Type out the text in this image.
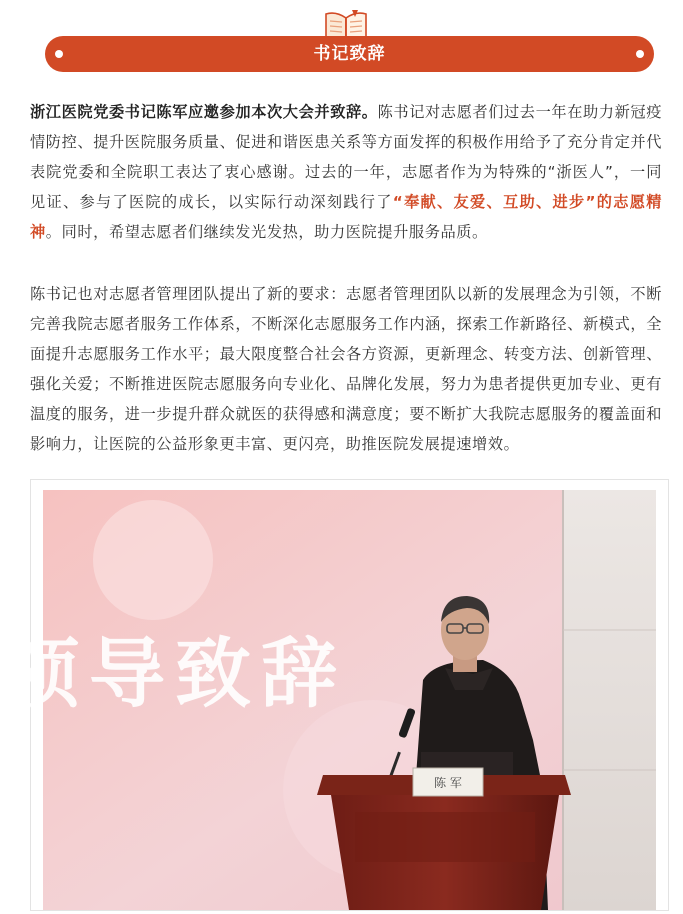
书记致辞

浙江医院党委书记陈军应邀参加本次大会并致辞。陈书记对志愿者们过去一年在助力新冠疫情防控、提升医院服务质量、促进和谐医患关系等方面发挥的积极作用给予了充分肯定并代表院党委和全院职工表达了衷心感谢。过去的一年，志愿者作为为特殊的“浙医人”，一同见证、参与了医院的成长，以实际行动深刻践行了“奉献、友爱、互助、进步”的志愿精神。同时，希望志愿者们继续发光发热，助力医院提升服务品质。

陈书记也对志愿者管理团队提出了新的要求：志愿者管理团队以新的发展理念为引领，不断完善我院志愿者服务工作体系，不断深化志愿服务工作内涵，探索工作新路径、新模式，全面提升志愿服务工作水平；最大限度整合社会各方资源，更新理念、转变方法、创新管理、强化关爱；不断推进医院志愿服务向专业化、品牌化发展，努力为患者提供更加专业、更有温度的服务，进一步提升群众就医的获得感和满意度；要不断扩大我院志愿服务的覆盖面和影响力，让医院的公益形象更丰富、更闪亮，助推医院发展提速增效。

领导致辞
陈 军
